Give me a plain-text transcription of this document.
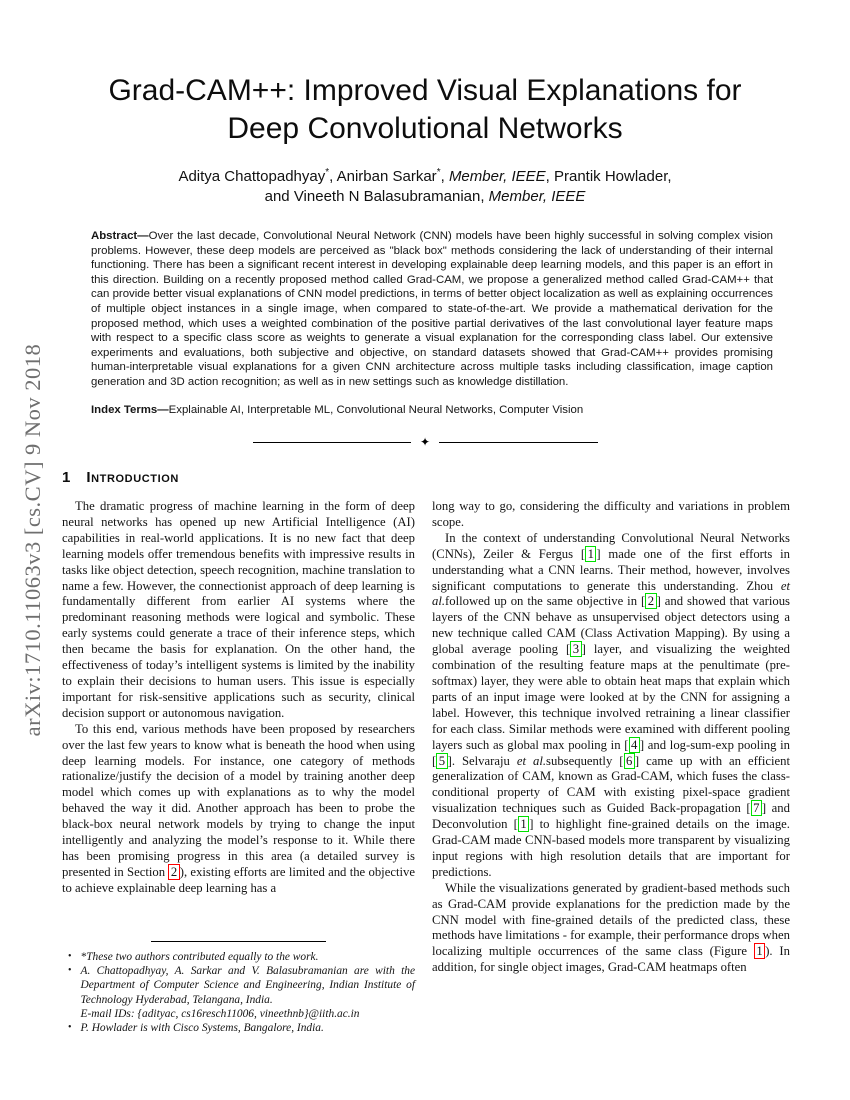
arXiv:1710.11063v3 [cs.CV] 9 Nov 2018
Grad-CAM++: Improved Visual Explanations for
Deep Convolutional Networks
Aditya Chattopadhyay*, Anirban Sarkar*, Member, IEEE, Prantik Howlader,
and Vineeth N Balasubramanian, Member, IEEE

Abstract—Over the last decade, Convolutional Neural Network (CNN) models have been highly successful in solving complex vision problems. However, these deep models are perceived as "black box" methods considering the lack of understanding of their internal functioning. There has been a significant recent interest in developing explainable deep learning models, and this paper is an effort in this direction. Building on a recently proposed method called Grad-CAM, we propose a generalized method called Grad-CAM++ that can provide better visual explanations of CNN model predictions, in terms of better object localization as well as explaining occurrences of multiple object instances in a single image, when compared to state-of-the-art. We provide a mathematical derivation for the proposed method, which uses a weighted combination of the positive partial derivatives of the last convolutional layer feature maps with respect to a specific class score as weights to generate a visual explanation for the corresponding class label. Our extensive experiments and evaluations, both subjective and objective, on standard datasets showed that Grad-CAM++ provides promising human-interpretable visual explanations for a given CNN architecture across multiple tasks including classification, image caption generation and 3D action recognition; as well as in new settings such as knowledge distillation.

Index Terms—Explainable AI, Interpretable ML, Convolutional Neural Networks, Computer Vision

✦
1 Introduction

The dramatic progress of machine learning in the form of deep neural networks has opened up new Artificial Intelligence (AI) capabilities in real-world applications. It is no new fact that deep learning models offer tremendous benefits with impressive results in tasks like object detection, speech recognition, machine translation to name a few. However, the connectionist approach of deep learning is fundamentally different from earlier AI systems where the predominant reasoning methods were logical and symbolic. These early systems could generate a trace of their inference steps, which then became the basis for explanation. On the other hand, the effectiveness of today’s intelligent systems is limited by the inability to explain their decisions to human users. This issue is especially important for risk-sensitive applications such as security, clinical decision support or autonomous navigation.

To this end, various methods have been proposed by researchers over the last few years to know what is beneath the hood when using deep learning models. For instance, one category of methods rationalize/justify the decision of a model by training another deep model which comes up with explanations as to why the model behaved the way it did. Another approach has been to probe the black-box neural network models by trying to change the input intelligently and analyzing the model’s response to it. While there has been promising progress in this area (a detailed survey is presented in Section 2 ), existing efforts are limited and the objective to achieve explainable deep learning has a

long way to go, considering the difficulty and variations in problem scope.

In the context of understanding Convolutional Neural Networks (CNNs), Zeiler & Fergus [ 1 ] made one of the first efforts in understanding what a CNN learns. Their method, however, involves significant computations to generate this understanding. Zhou et al.followed up on the same objective in [ 2 ] and showed that various layers of the CNN behave as unsupervised object detectors using a new technique called CAM (Class Activation Mapping). By using a global average pooling [ 3 ] layer, and visualizing the weighted combination of the resulting feature maps at the penultimate (pre-softmax) layer, they were able to obtain heat maps that explain which parts of an input image were looked at by the CNN for assigning a label. However, this technique involved retraining a linear classifier for each class. Similar methods were examined with different pooling layers such as global max pooling in [ 4 ] and log-sum-exp pooling in [ 5 ]. Selvaraju et al.subsequently [ 6 ] came up with an efficient generalization of CAM, known as Grad-CAM, which fuses the class-conditional property of CAM with existing pixel-space gradient visualization techniques such as Guided Back-propagation [ 7 ] and Deconvolution [ 1 ] to highlight fine-grained details on the image. Grad-CAM made CNN-based models more transparent by visualizing input regions with high resolution details that are important for predictions.

While the visualizations generated by gradient-based methods such as Grad-CAM provide explanations for the prediction made by the CNN model with fine-grained details of the predicted class, these methods have limitations - for example, their performance drops when localizing multiple occurrences of the same class (Figure 1 ). In addition, for single object images, Grad-CAM heatmaps often

• *These two authors contributed equally to the work.
• A. Chattopadhyay, A. Sarkar and V. Balasubramanian are with the Department of Computer Science and Engineering, Indian Institute of Technology Hyderabad, Telangana, India.
E-mail IDs: {adityac, cs16resch11006, vineethnb}@iith.ac.in
• P. Howlader is with Cisco Systems, Bangalore, India.
